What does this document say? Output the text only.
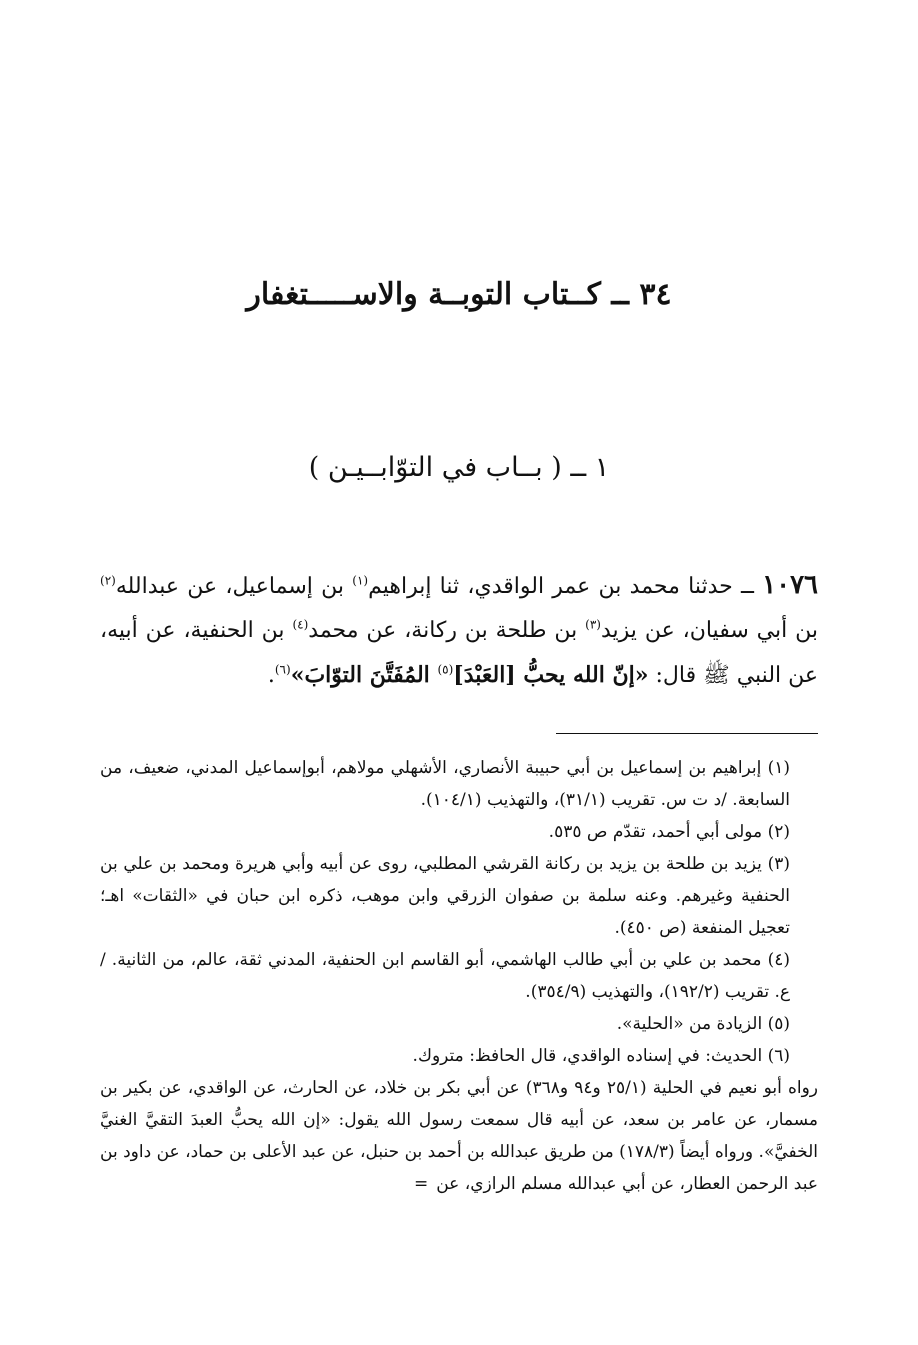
٣٤ ــ كــتاب التوبــة والاســـــتغفار
١ ــ ( بــاب في التوّابــيـن )
١٠٧٦ ــ حدثنا محمد بن عمر الواقدي، ثنا إبراهيم$^{(١)}$ بن إسماعيل، عن عبدالله$^{(٢)}$ بن أبي سفيان، عن يزيد$^{(٣)}$ بن طلحة بن ركانة، عن محمد$^{(٤)}$ بن الحنفية، عن أبيه، عن النبي ﷺ قال: «إنّ الله يحبُّ [العَبْدَ]$^{(٥)}$ المُفَتَّنَ التوّابَ»$^{(٦)}$.

(١) إبراهيم بن إسماعيل بن أبي حبيبة الأنصاري، الأشهلي مولاهم، أبوإسماعيل المدني، ضعيف، من السابعة. /د ت س. تقريب (٣١/١)، والتهذيب (١٠٤/١).

(٢) مولى أبي أحمد، تقدّم ص ٥٣٥.

(٣) يزيد بن طلحة بن يزيد بن ركانة القرشي المطلبي، روى عن أبيه وأبي هريرة ومحمد بن علي بن الحنفية وغيرهم. وعنه سلمة بن صفوان الزرقي وابن موهب، ذكره ابن حبان في «الثقات» اهـ؛ تعجيل المنفعة (ص ٤٥٠).

(٤) محمد بن علي بن أبي طالب الهاشمي، أبو القاسم ابن الحنفية، المدني ثقة، عالم، من الثانية. /ع. تقريب (١٩٢/٢)، والتهذيب (٣٥٤/٩).

(٥) الزيادة من «الحلية».

(٦) الحديث: في إسناده الواقدي، قال الحافظ: متروك.

رواه أبو نعيم في الحلية (٢٥/١ و٩٤ و٣٦٨) عن أبي بكر بن خلاد، عن الحارث، عن الواقدي، عن بكير بن مسمار، عن عامر بن سعد، عن أبيه قال سمعت رسول الله يقول: «إن الله يحبُّ العبدَ التقيَّ الغنيَّ الخفيَّ». ورواه أيضاً (١٧٨/٣) من طريق عبدالله بن أحمد بن حنبل، عن عبد الأعلى بن حماد، عن داود بن عبد الرحمن العطار، عن أبي عبدالله مسلم الرازي، عن=
